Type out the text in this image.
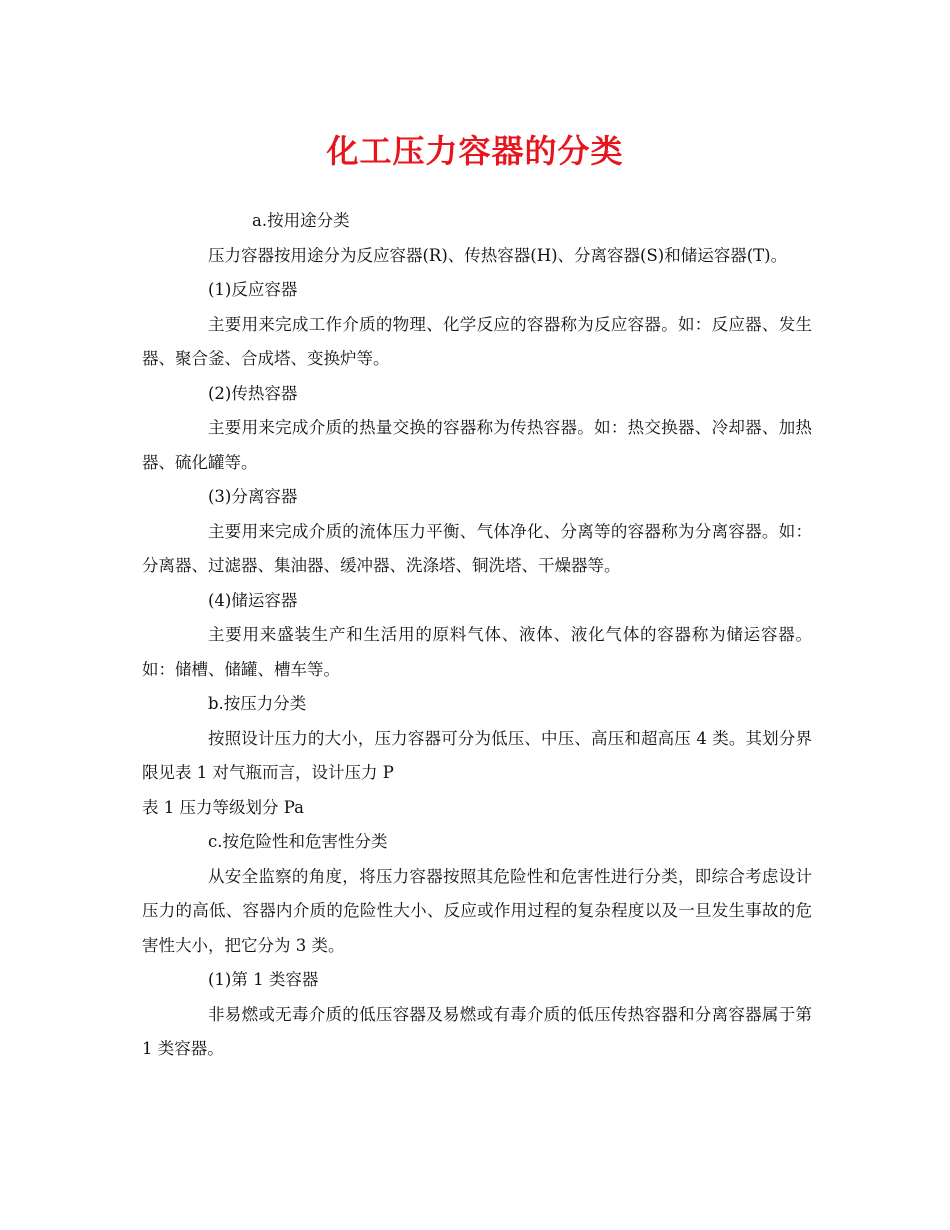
化工压力容器的分类

a.按用途分类

压力容器按用途分为反应容器(R)、传热容器(H)、分离容器(S)和储运容器(T)。

(1)反应容器

主要用来完成工作介质的物理、化学反应的容器称为反应容器。如：反应器、发生器、聚合釜、合成塔、变换炉等。

(2)传热容器

主要用来完成介质的热量交换的容器称为传热容器。如：热交换器、冷却器、加热器、硫化罐等。

(3)分离容器

主要用来完成介质的流体压力平衡、气体净化、分离等的容器称为分离容器。如：分离器、过滤器、集油器、缓冲器、洗涤塔、铜洗塔、干燥器等。

(4)储运容器

主要用来盛装生产和生活用的原料气体、液体、液化气体的容器称为储运容器。如：储槽、储罐、槽车等。

b.按压力分类

按照设计压力的大小，压力容器可分为低压、中压、高压和超高压 4 类。其划分界限见表 1 对气瓶而言，设计压力 P

表 1 压力等级划分 Pa

c.按危险性和危害性分类

从安全监察的角度，将压力容器按照其危险性和危害性进行分类，即综合考虑设计压力的高低、容器内介质的危险性大小、反应或作用过程的复杂程度以及一旦发生事故的危害性大小，把它分为 3 类。

(1)第 1 类容器

非易燃或无毒介质的低压容器及易燃或有毒介质的低压传热容器和分离容器属于第 1 类容器。
